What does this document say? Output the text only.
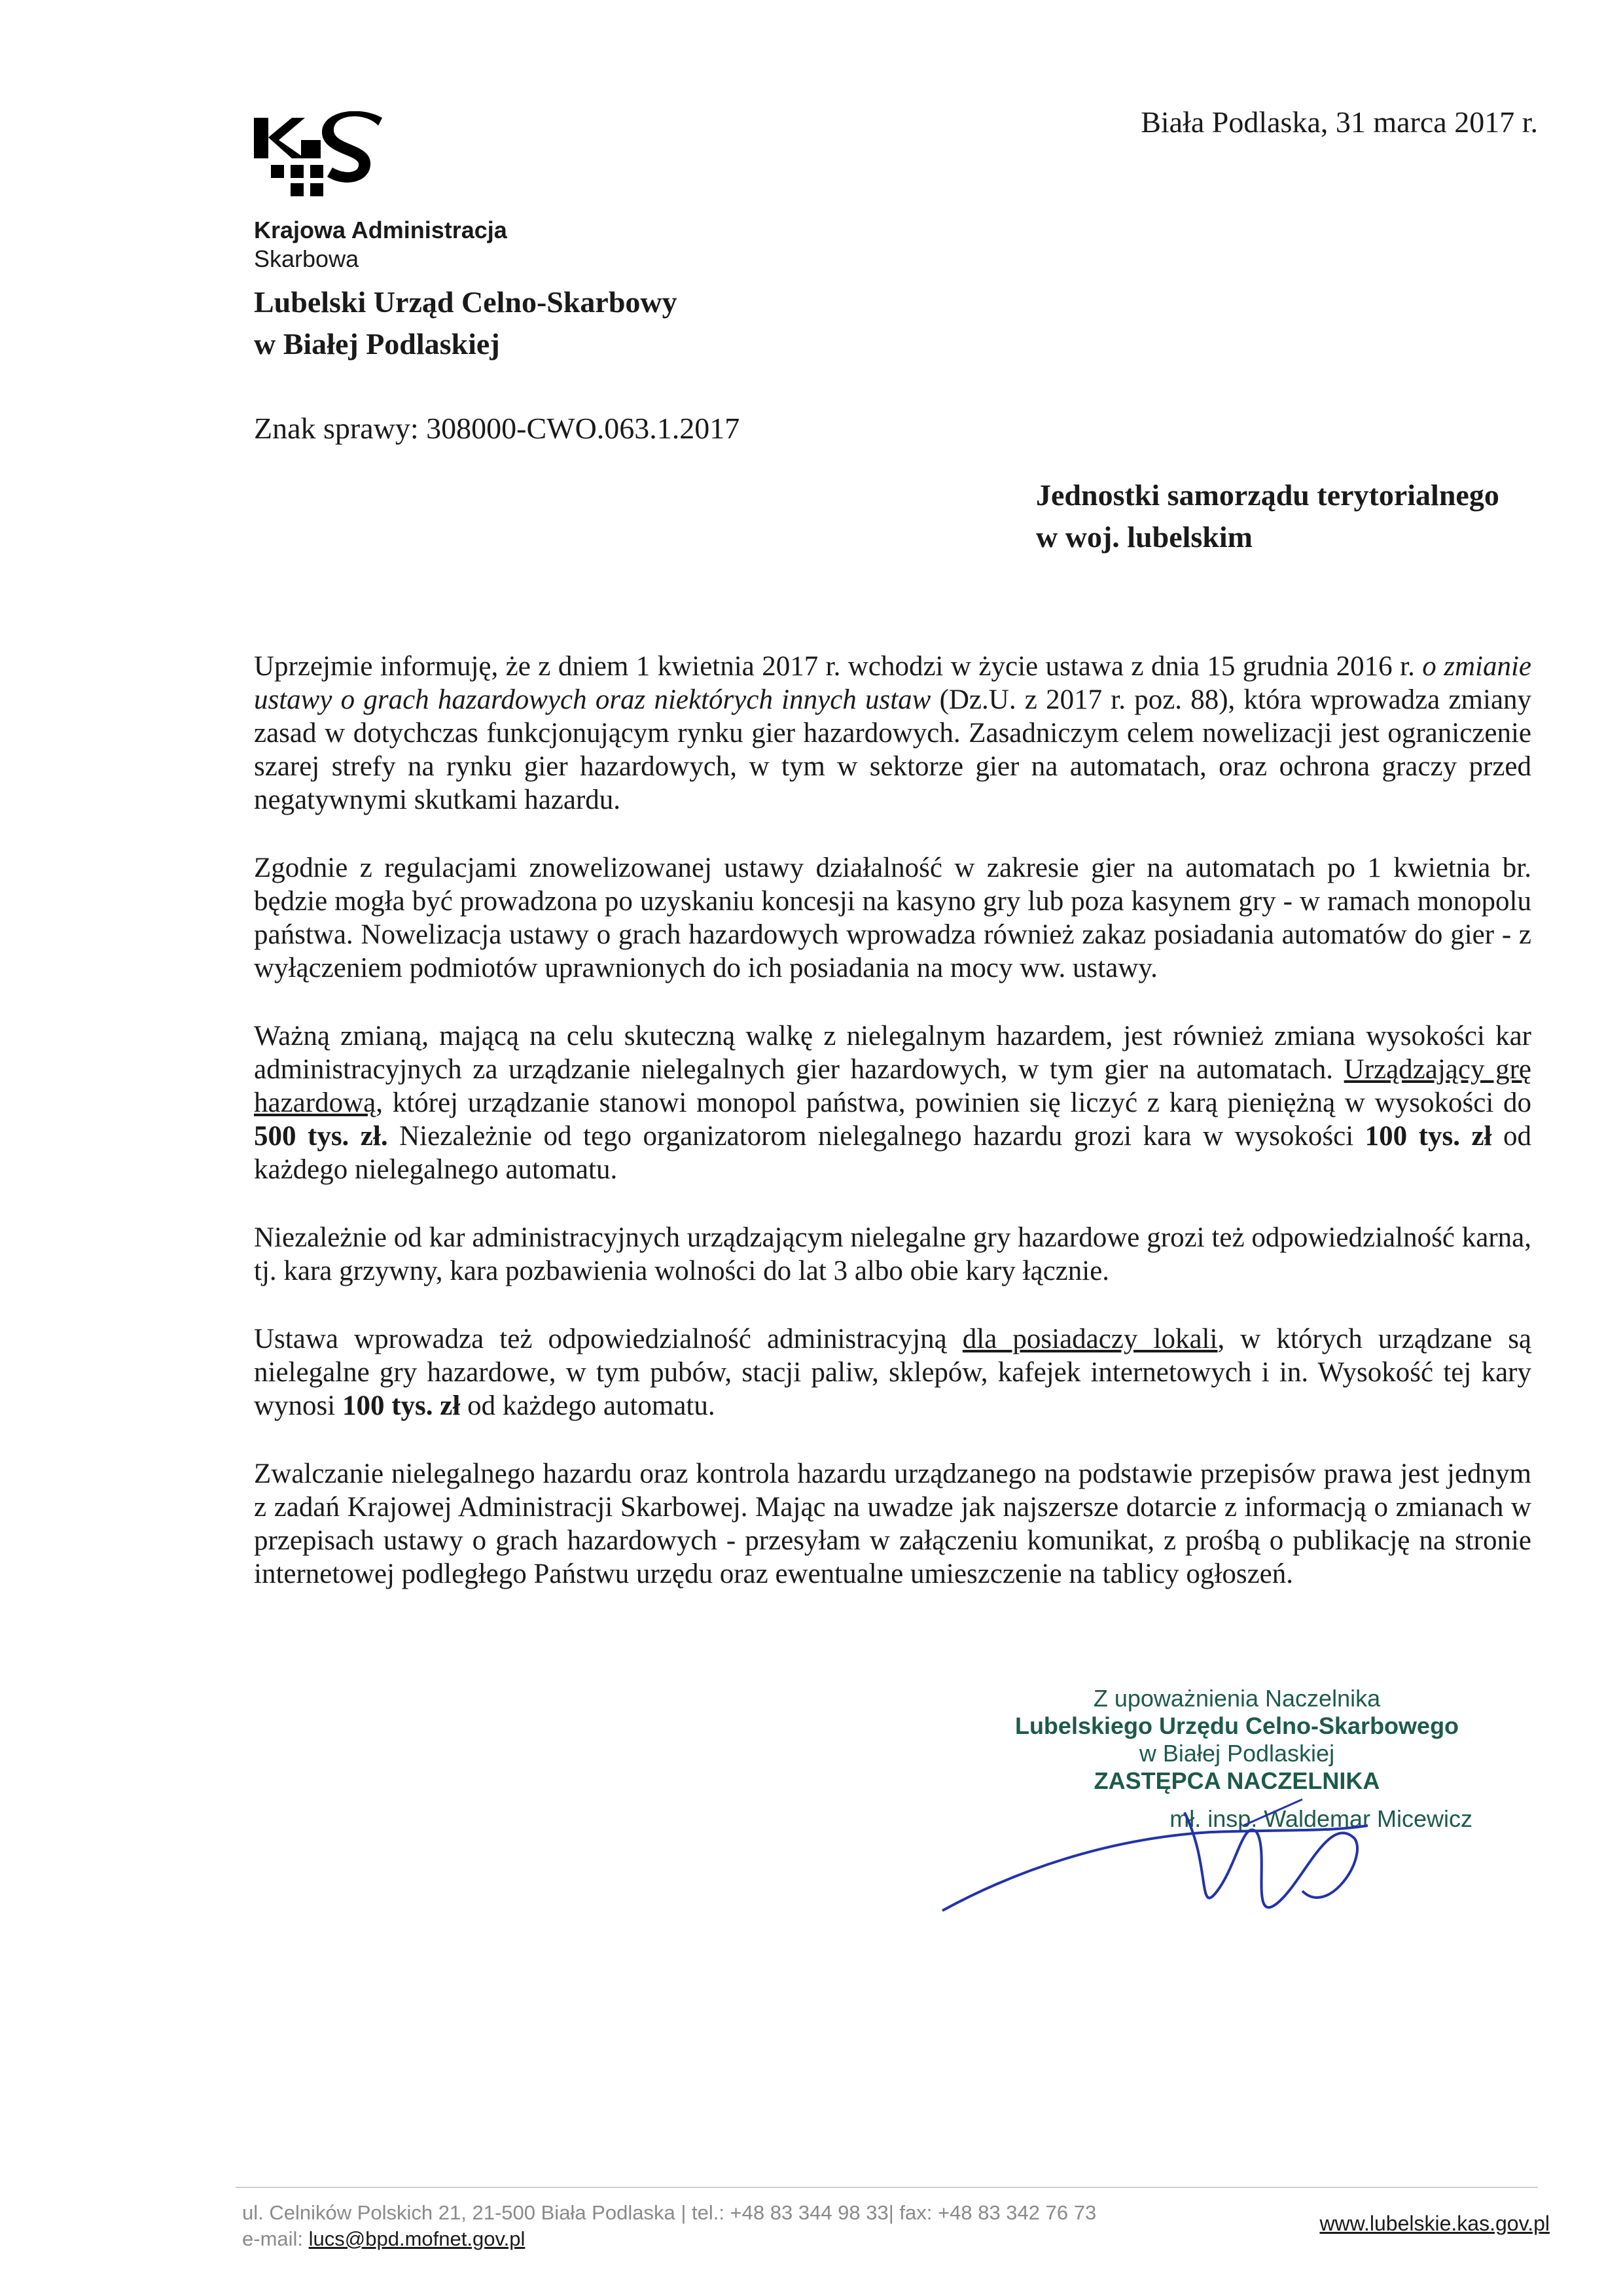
Krajowa Administracja
Skarbowa
Lubelski Urząd Celno-Skarbowy
w Białej Podlaskiej
Biała Podlaska, 31 marca 2017 r.
Znak sprawy: 308000-CWO.063.1.2017
Jednostki samorządu terytorialnego
w woj. lubelskim

Uprzejmie informuję, że z dniem 1 kwietnia 2017 r. wchodzi w życie ustawa z dnia 15 grudnia 2016 r. o zmianie ustawy o grach hazardowych oraz niektórych innych ustaw (Dz.U. z 2017 r. poz. 88), która wprowadza zmiany zasad w dotychczas funkcjonującym rynku gier hazardowych. Zasadniczym celem nowelizacji jest ograniczenie szarej strefy na rynku gier hazardowych, w tym w sektorze gier na automatach, oraz ochrona graczy przed negatywnymi skutkami hazardu.

Zgodnie z regulacjami znowelizowanej ustawy działalność w zakresie gier na automatach po 1 kwietnia br. będzie mogła być prowadzona po uzyskaniu koncesji na kasyno gry lub poza kasynem gry - w ramach monopolu państwa. Nowelizacja ustawy o grach hazardowych wprowadza również zakaz posiadania automatów do gier - z wyłączeniem podmiotów uprawnionych do ich posiadania na mocy ww. ustawy.

Ważną zmianą, mającą na celu skuteczną walkę z nielegalnym hazardem, jest również zmiana wysokości kar administracyjnych za urządzanie nielegalnych gier hazardowych, w tym gier na automatach. Urządzający grę hazardową, której urządzanie stanowi monopol państwa, powinien się liczyć z karą pieniężną w wysokości do 500 tys. zł. Niezależnie od tego organizatorom nielegalnego hazardu grozi kara w wysokości 100 tys. zł od każdego nielegalnego automatu.

Niezależnie od kar administracyjnych urządzającym nielegalne gry hazardowe grozi też odpowiedzialność karna, tj. kara grzywny, kara pozbawienia wolności do lat 3 albo obie kary łącznie.

Ustawa wprowadza też odpowiedzialność administracyjną dla posiadaczy lokali, w których urządzane są nielegalne gry hazardowe, w tym pubów, stacji paliw, sklepów, kafejek internetowych i in. Wysokość tej kary wynosi 100 tys. zł od każdego automatu.

Zwalczanie nielegalnego hazardu oraz kontrola hazardu urządzanego na podstawie przepisów prawa jest jednym z zadań Krajowej Administracji Skarbowej. Mając na uwadze jak najszersze dotarcie z informacją o zmianach w przepisach ustawy o grach hazardowych - przesyłam w załączeniu komunikat, z prośbą o publikację na stronie internetowej podległego Państwu urzędu oraz ewentualne umieszczenie na tablicy ogłoszeń.

Z upoważnienia Naczelnika
Lubelskiego Urzędu Celno-Skarbowego
w Białej Podlaskiej
ZASTĘPCA NACZELNIKA
mł. insp. Waldemar Micewicz
ul. Celników Polskich 21, 21-500 Biała Podlaska | tel.: +48 83 344 98 33| fax: +48 83 342 76 73
e-mail: lucs@bpd.mofnet.gov.pl
www.lubelskie.kas.gov.pl
